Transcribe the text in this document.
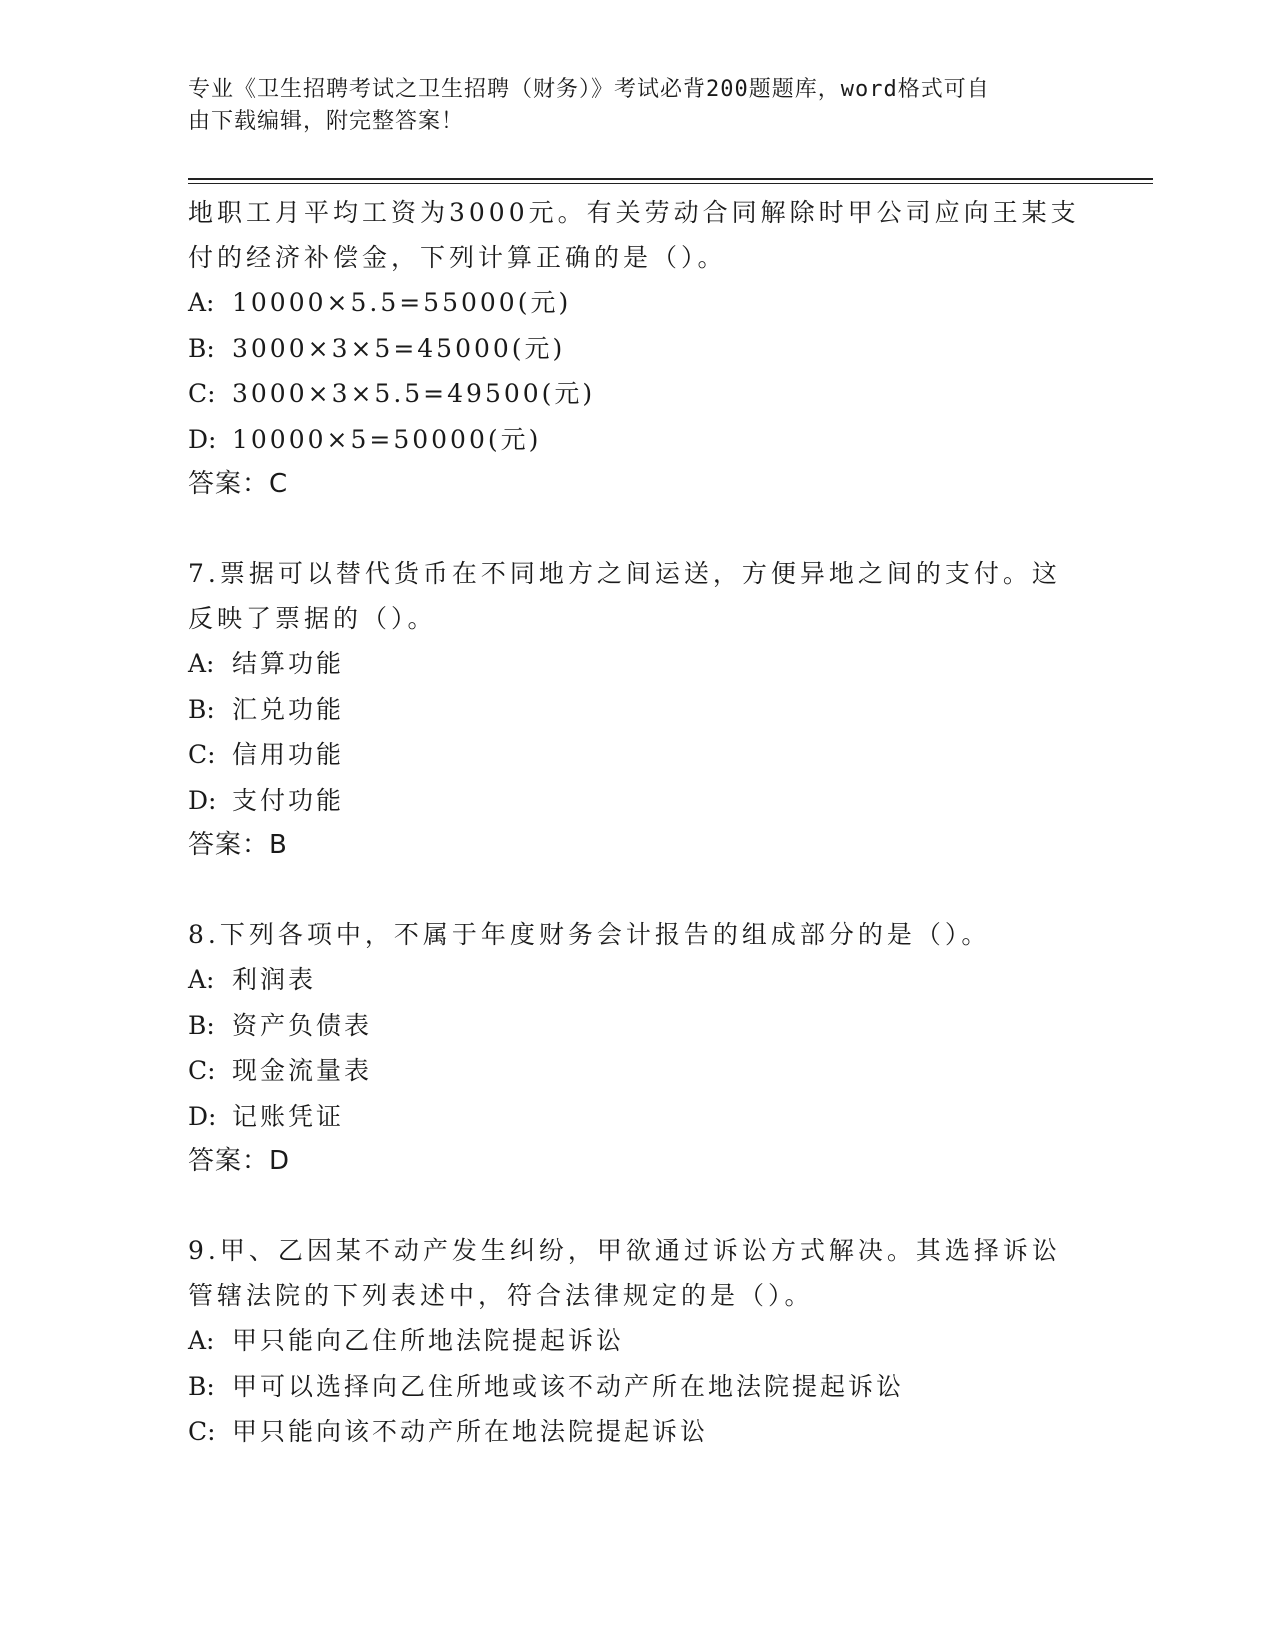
专业《卫生招聘考试之卫生招聘（财务）》考试必背200题题库，word格式可自
由下载编辑，附完整答案！

地职工月平均工资为3000元。有关劳动合同解除时甲公司应向王某支

付的经济补偿金，下列计算正确的是（）。

A: 10000×5.5=55000(元)

B: 3000×3×5=45000(元)

C: 3000×3×5.5=49500(元)

D: 10000×5=50000(元)

答案：C

7.票据可以替代货币在不同地方之间运送，方便异地之间的支付。这

反映了票据的（）。

A: 结算功能

B: 汇兑功能

C: 信用功能

D: 支付功能

答案：B

8.下列各项中，不属于年度财务会计报告的组成部分的是（）。

A: 利润表

B: 资产负债表

C: 现金流量表

D: 记账凭证

答案：D

9.甲、乙因某不动产发生纠纷，甲欲通过诉讼方式解决。其选择诉讼

管辖法院的下列表述中，符合法律规定的是（）。

A: 甲只能向乙住所地法院提起诉讼

B: 甲可以选择向乙住所地或该不动产所在地法院提起诉讼

C: 甲只能向该不动产所在地法院提起诉讼
